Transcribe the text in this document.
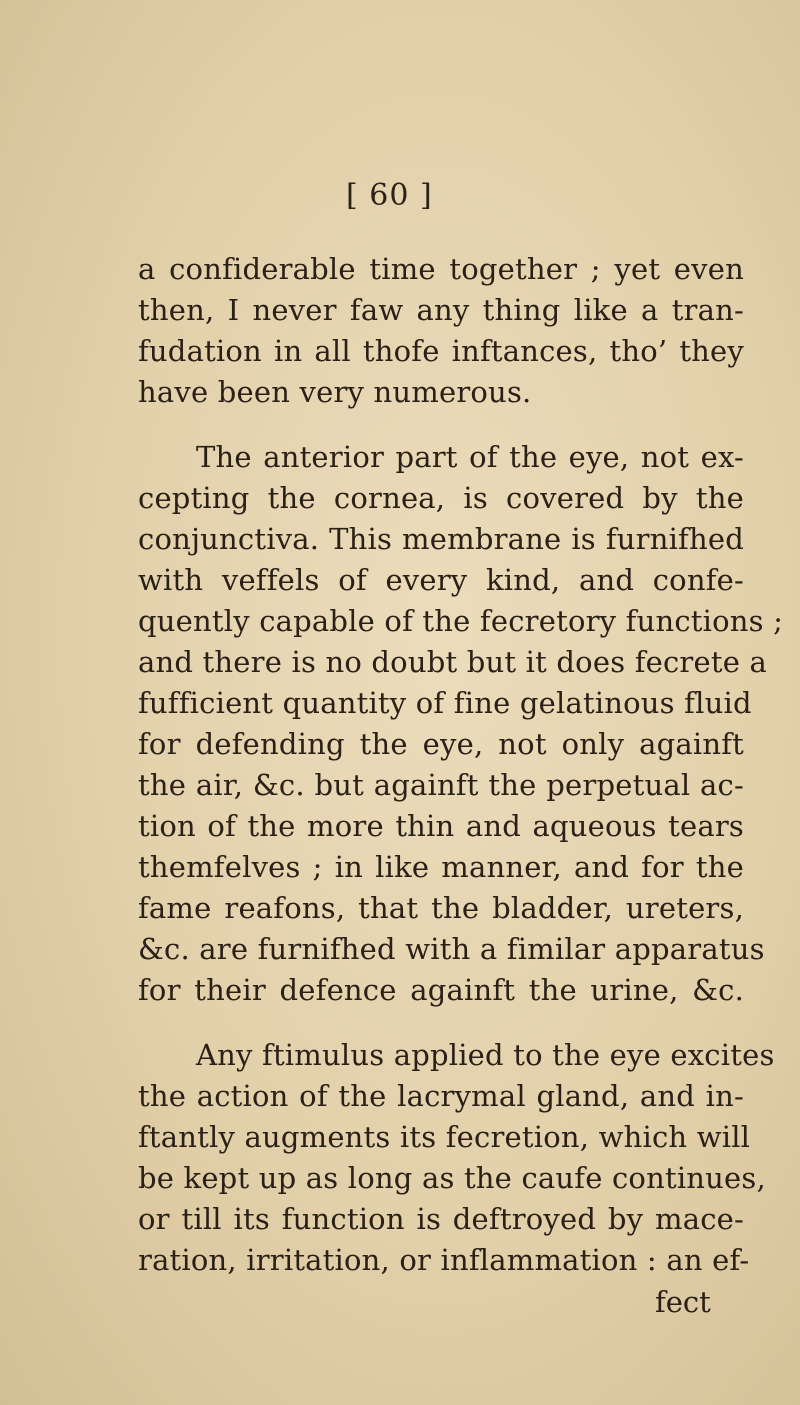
[ 60 ]
a confiderable time together ; yet even
then, I never faw any thing like a tran-
fudation in all thofe inftances, tho’ they
have been very numerous.
The anterior part of the eye, not ex-
cepting the cornea, is covered by the
conjunctiva. This membrane is furnifhed
with veffels of every kind, and confe-
quently capable of the fecretory functions ;
and there is no doubt but it does fecrete a
fufficient quantity of fine gelatinous fluid
for defending the eye, not only againft
the air, &c. but againft the perpetual ac-
tion of the more thin and aqueous tears
themfelves ; in like manner, and for the
fame reafons, that the bladder, ureters,
&c. are furnifhed with a fimilar apparatus
for their defence againft the urine, &c.
Any ftimulus applied to the eye excites
the action of the lacrymal gland, and in-
ftantly augments its fecretion, which will
be kept up as long as the caufe continues,
or till its function is deftroyed by mace-
ration, irritation, or inflammation : an ef-
fect
